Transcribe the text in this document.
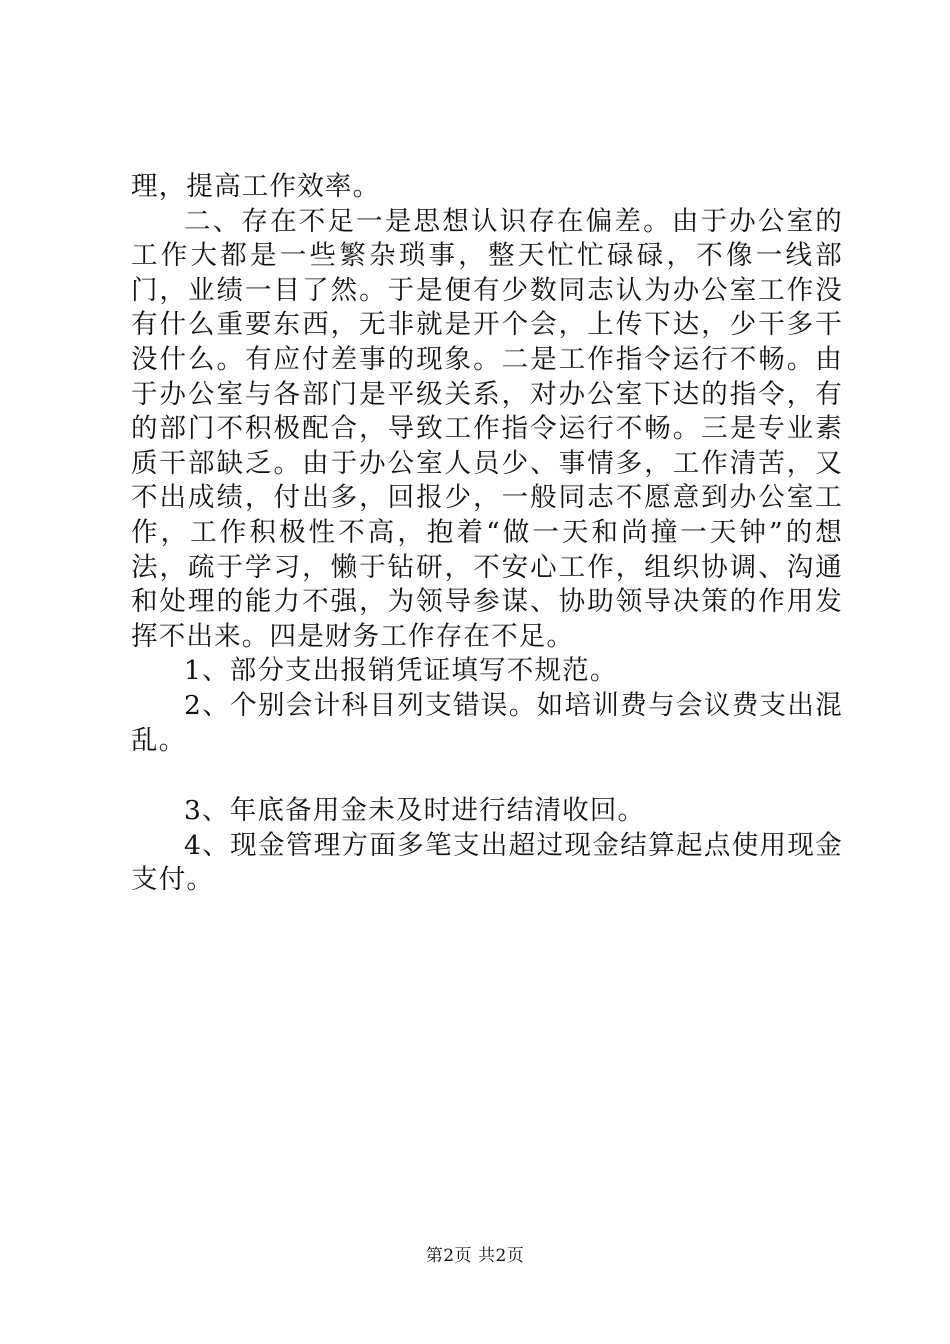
理，提高工作效率。

二、存在不足一是思想认识存在偏差。由于办公室的工作大都是一些繁杂琐事，整天忙忙碌碌，不像一线部门，业绩一目了然。于是便有少数同志认为办公室工作没有什么重要东西，无非就是开个会，上传下达，少干多干没什么。有应付差事的现象。二是工作指令运行不畅。由于办公室与各部门是平级关系，对办公室下达的指令，有的部门不积极配合，导致工作指令运行不畅。三是专业素质干部缺乏。由于办公室人员少、事情多，工作清苦，又不出成绩，付出多，回报少，一般同志不愿意到办公室工作，工作积极性不高，抱着“做一天和尚撞一天钟”的想法，疏于学习，懒于钻研，不安心工作，组织协调、沟通和处理的能力不强，为领导参谋、协助领导决策的作用发挥不出来。四是财务工作存在不足。

1、部分支出报销凭证填写不规范。

2、个别会计科目列支错误。如培训费与会议费支出混乱。

3、年底备用金未及时进行结清收回。

4、现金管理方面多笔支出超过现金结算起点使用现金支付。

第2页 共2页
